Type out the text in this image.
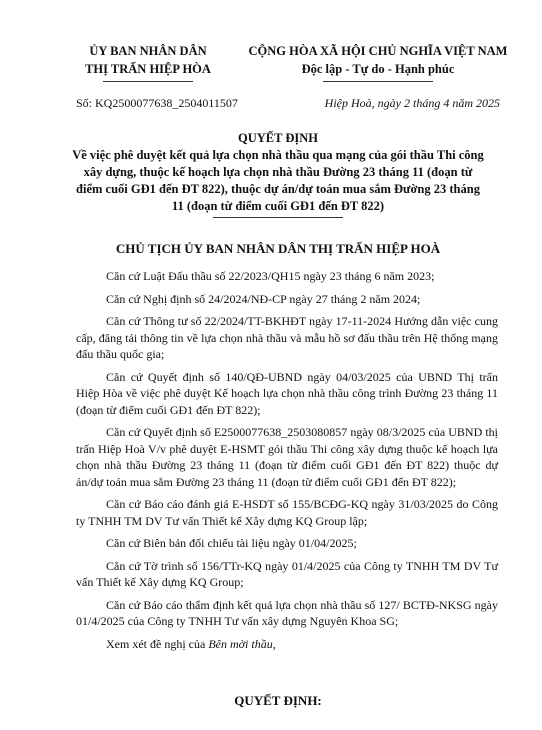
ỦY BAN NHÂN DÂN
THỊ TRẤN HIỆP HÒA
CỘNG HÒA XÃ HỘI CHỦ NGHĨA VIỆT NAM
Độc lập - Tự do - Hạnh phúc
Số: KQ2500077638_2504011507	Hiệp Hoà, ngày 2 tháng 4 năm 2025
QUYẾT ĐỊNH
Về việc phê duyệt kết quả lựa chọn nhà thầu qua mạng của gói thầu Thi công xây dựng, thuộc kế hoạch lựa chọn nhà thầu Đường 23 tháng 11 (đoạn từ điểm cuối GĐ1 đến ĐT 822), thuộc dự án/dự toán mua sắm Đường 23 tháng 11 (đoạn từ điểm cuối GĐ1 đến ĐT 822)
CHỦ TỊCH ỦY BAN NHÂN DÂN THỊ TRẤN HIỆP HOÀ

Căn cứ Luật Đấu thầu số 22/2023/QH15 ngày 23 tháng 6 năm 2023;

Căn cứ Nghị định số 24/2024/NĐ-CP ngày 27 tháng 2 năm 2024;

Căn cứ Thông tư số 22/2024/TT-BKHĐT ngày 17-11-2024 Hướng dẫn việc cung cấp, đăng tải thông tin về lựa chọn nhà thầu và mẫu hồ sơ đấu thầu trên Hệ thống mạng đấu thầu quốc gia;

Căn cứ Quyết định số 140/QĐ-UBND ngày 04/03/2025 của UBND Thị trấn Hiệp Hòa về việc phê duyệt Kế hoạch lựa chọn nhà thầu công trình Đường 23 tháng 11 (đoạn từ điểm cuối GĐ1 đến ĐT 822);

Căn cứ Quyết định số E2500077638_2503080857 ngày 08/3/2025 của UBND thị trấn Hiệp Hoà V/v phê duyệt E-HSMT gói thầu Thi công xây dựng thuộc kế hoạch lựa chọn nhà thầu Đường 23 tháng 11 (đoạn từ điểm cuối GĐ1 đến ĐT 822) thuộc dự án/dự toán mua sắm Đường 23 tháng 11 (đoạn từ điểm cuối GĐ1 đến ĐT 822);

Căn cứ Báo cáo đánh giá E-HSDT số 155/BCĐG-KQ ngày 31/03/2025 do Công ty TNHH TM DV Tư vấn Thiết kế Xây dựng KQ Group lập;

Căn cứ Biên bản đối chiếu tài liệu ngày 01/04/2025;

Căn cứ Tờ trình số 156/TTr-KQ ngày 01/4/2025 của Công ty TNHH TM DV Tư vấn Thiết kế Xây dựng KQ Group;

Căn cứ Báo cáo thẩm định kết quả lựa chọn nhà thầu số 127/ BCTĐ-NKSG ngày 01/4/2025 của Công ty TNHH Tư vấn xây dựng Nguyên Khoa SG;

Xem xét đề nghị của Bên mời thầu,

QUYẾT ĐỊNH:
